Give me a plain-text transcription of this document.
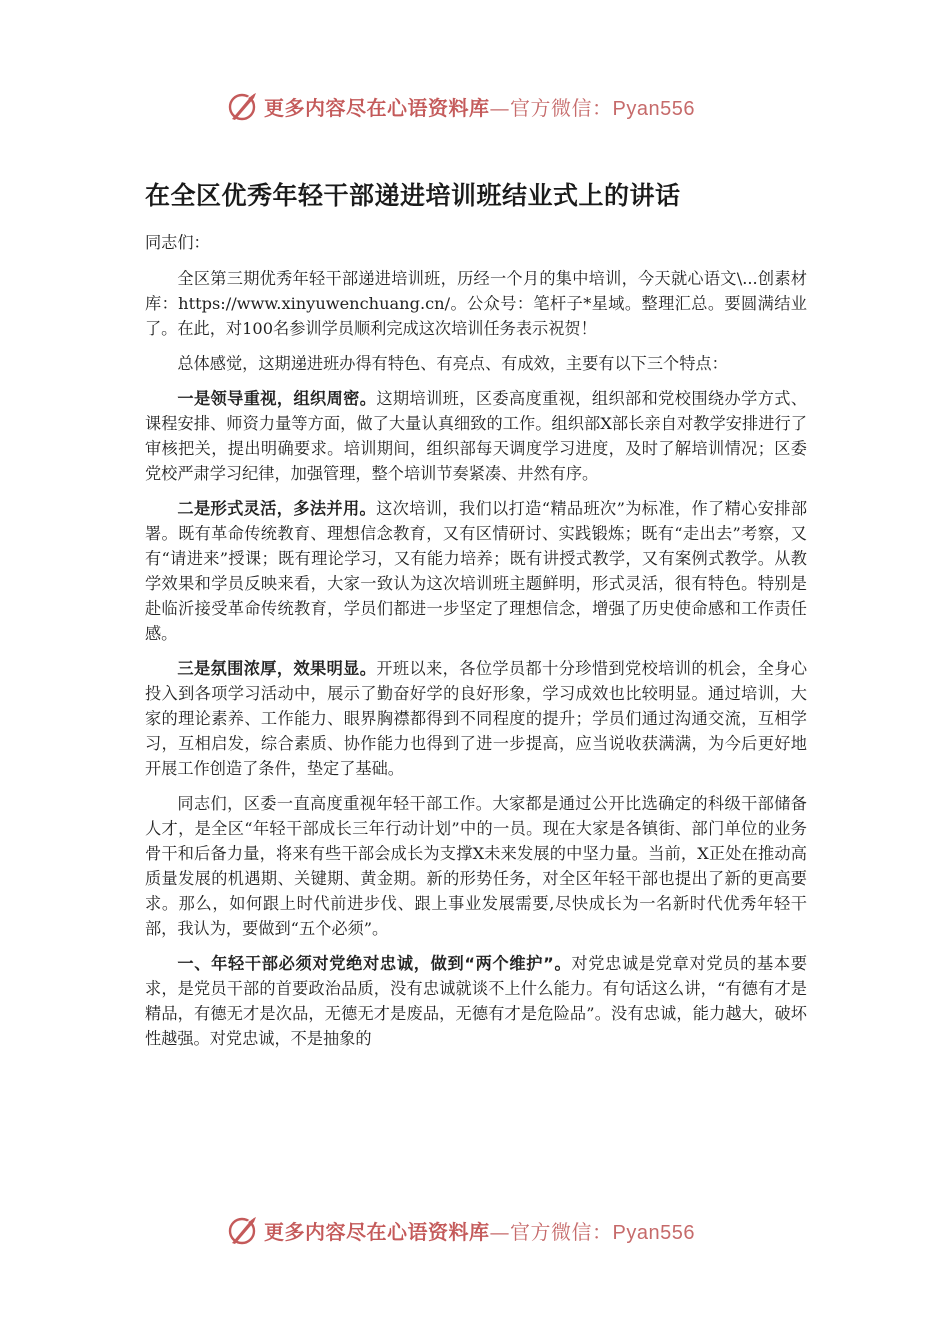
更多内容尽在心语资料库—官方微信：Pyan556
在全区优秀年轻干部递进培训班结业式上的讲话

同志们：

全区第三期优秀年轻干部递进培训班，历经一个月的集中培训，今天就心语文\...创素材库：https://www.xinyuwenchuang.cn/。公众号：笔杆子*星域。整理汇总。要圆满结业了。在此，对100名参训学员顺利完成这次培训任务表示祝贺！

总体感觉，这期递进班办得有特色、有亮点、有成效，主要有以下三个特点：

一是领导重视，组织周密。这期培训班，区委高度重视，组织部和党校围绕办学方式、课程安排、师资力量等方面，做了大量认真细致的工作。组织部X部长亲自对教学安排进行了审核把关，提出明确要求。培训期间，组织部每天调度学习进度，及时了解培训情况；区委党校严肃学习纪律，加强管理，整个培训节奏紧凑、井然有序。

二是形式灵活，多法并用。这次培训，我们以打造“精品班次”为标准，作了精心安排部署。既有革命传统教育、理想信念教育，又有区情研讨、实践锻炼；既有“走出去”考察，又有“请进来”授课；既有理论学习，又有能力培养；既有讲授式教学，又有案例式教学。从教学效果和学员反映来看，大家一致认为这次培训班主题鲜明，形式灵活，很有特色。特别是赴临沂接受革命传统教育，学员们都进一步坚定了理想信念，增强了历史使命感和工作责任感。

三是氛围浓厚，效果明显。开班以来，各位学员都十分珍惜到党校培训的机会，全身心投入到各项学习活动中，展示了勤奋好学的良好形象，学习成效也比较明显。通过培训，大家的理论素养、工作能力、眼界胸襟都得到不同程度的提升；学员们通过沟通交流，互相学习，互相启发，综合素质、协作能力也得到了进一步提高，应当说收获满满，为今后更好地开展工作创造了条件，垫定了基础。

同志们，区委一直高度重视年轻干部工作。大家都是通过公开比选确定的科级干部储备人才，是全区“年轻干部成长三年行动计划”中的一员。现在大家是各镇街、部门单位的业务骨干和后备力量，将来有些干部会成长为支撑X未来发展的中坚力量。当前，X正处在推动高质量发展的机遇期、关键期、黄金期。新的形势任务，对全区年轻干部也提出了新的更高要求。那么，如何跟上时代前进步伐、跟上事业发展需要,尽快成长为一名新时代优秀年轻干部，我认为，要做到“五个必须”。

一、年轻干部必须对党绝对忠诚，做到“两个维护”。对党忠诚是党章对党员的基本要求，是党员干部的首要政治品质，没有忠诚就谈不上什么能力。有句话这么讲，“有德有才是精品，有德无才是次品，无德无才是废品，无德有才是危险品”。没有忠诚，能力越大，破坏性越强。对党忠诚，不是抽象的

更多内容尽在心语资料库—官方微信：Pyan556
